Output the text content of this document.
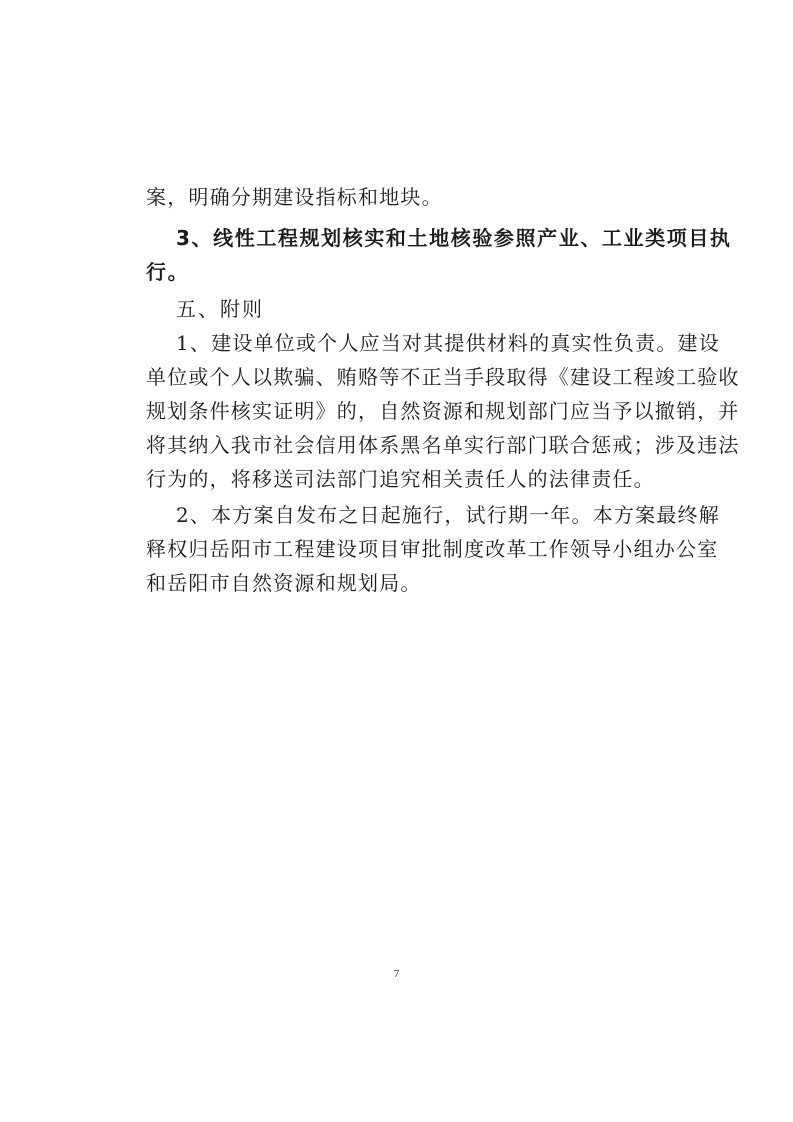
案，明确分期建设指标和地块。
3、线性工程规划核实和土地核验参照产业、工业类项目执
行。
五、附则
1、建设单位或个人应当对其提供材料的真实性负责。建设
单位或个人以欺骗、贿赂等不正当手段取得《建设工程竣工验收
规划条件核实证明》的，自然资源和规划部门应当予以撤销，并
将其纳入我市社会信用体系黑名单实行部门联合惩戒；涉及违法
行为的，将移送司法部门追究相关责任人的法律责任。
2、本方案自发布之日起施行，试行期一年。本方案最终解
释权归岳阳市工程建设项目审批制度改革工作领导小组办公室
和岳阳市自然资源和规划局。
7
